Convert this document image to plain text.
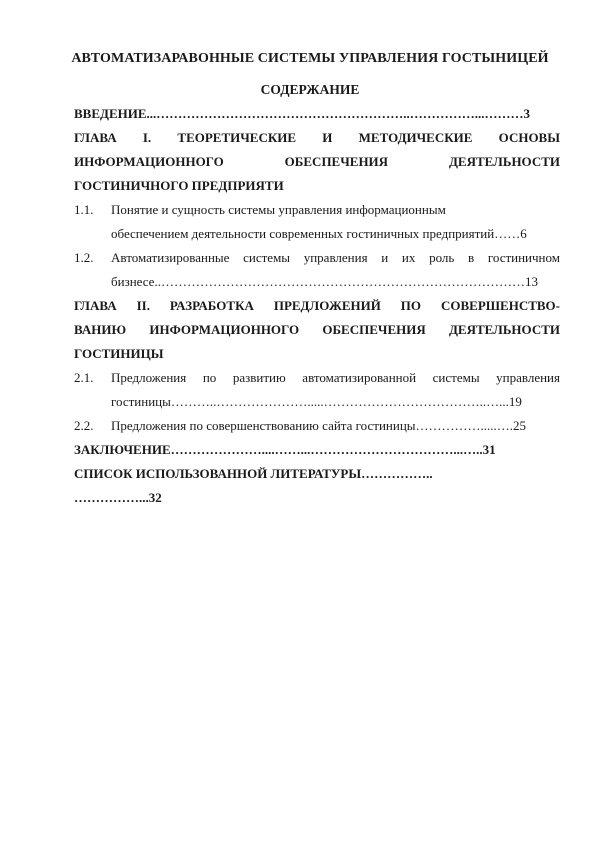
АВТОМАТИЗАРАВОННЫЕ СИСТЕМЫ УПРАВЛЕНИЯ ГОСТЫНИЦЕЙ
СОДЕРЖАНИЕ
ВВЕДЕНИЕ...…………………………………………………..……………...………3
ГЛАВА I. ТЕОРЕТИЧЕСКИЕ И МЕТОДИЧЕСКИЕ ОСНОВЫ
ИНФОРМАЦИОННОГО ОБЕСПЕЧЕНИЯ ДЕЯТЕЛЬНОСТИ
ГОСТИНИЧНОГО ПРЕДПРИЯТИ
1.1.	Понятие и сущность системы управления информационным
обеспечением деятельности современных гостиничных предприятий……6
1.2.	Автоматизированные системы управления и их роль в гостиничном
бизнесе..…………………………………………………………………………13
ГЛАВА II. РАЗРАБОТКА ПРЕДЛОЖЕНИЙ ПО СОВЕРШЕНСТВО-
ВАНИЮ ИНФОРМАЦИОННОГО ОБЕСПЕЧЕНИЯ ДЕЯТЕЛЬНОСТИ
ГОСТИНИЦЫ
2.1.	Предложения по развитию автоматизированной системы управления
гостиницы………..………………….....………………………………..…...19
2.2.	Предложения по совершенствованию сайта гостиницы…………….....….25
ЗАКЛЮЧЕНИЕ…………………....……...……………………………...…..31
СПИСОК ИСПОЛЬЗОВАННОЙ ЛИТЕРАТУРЫ……………..
……………...32
